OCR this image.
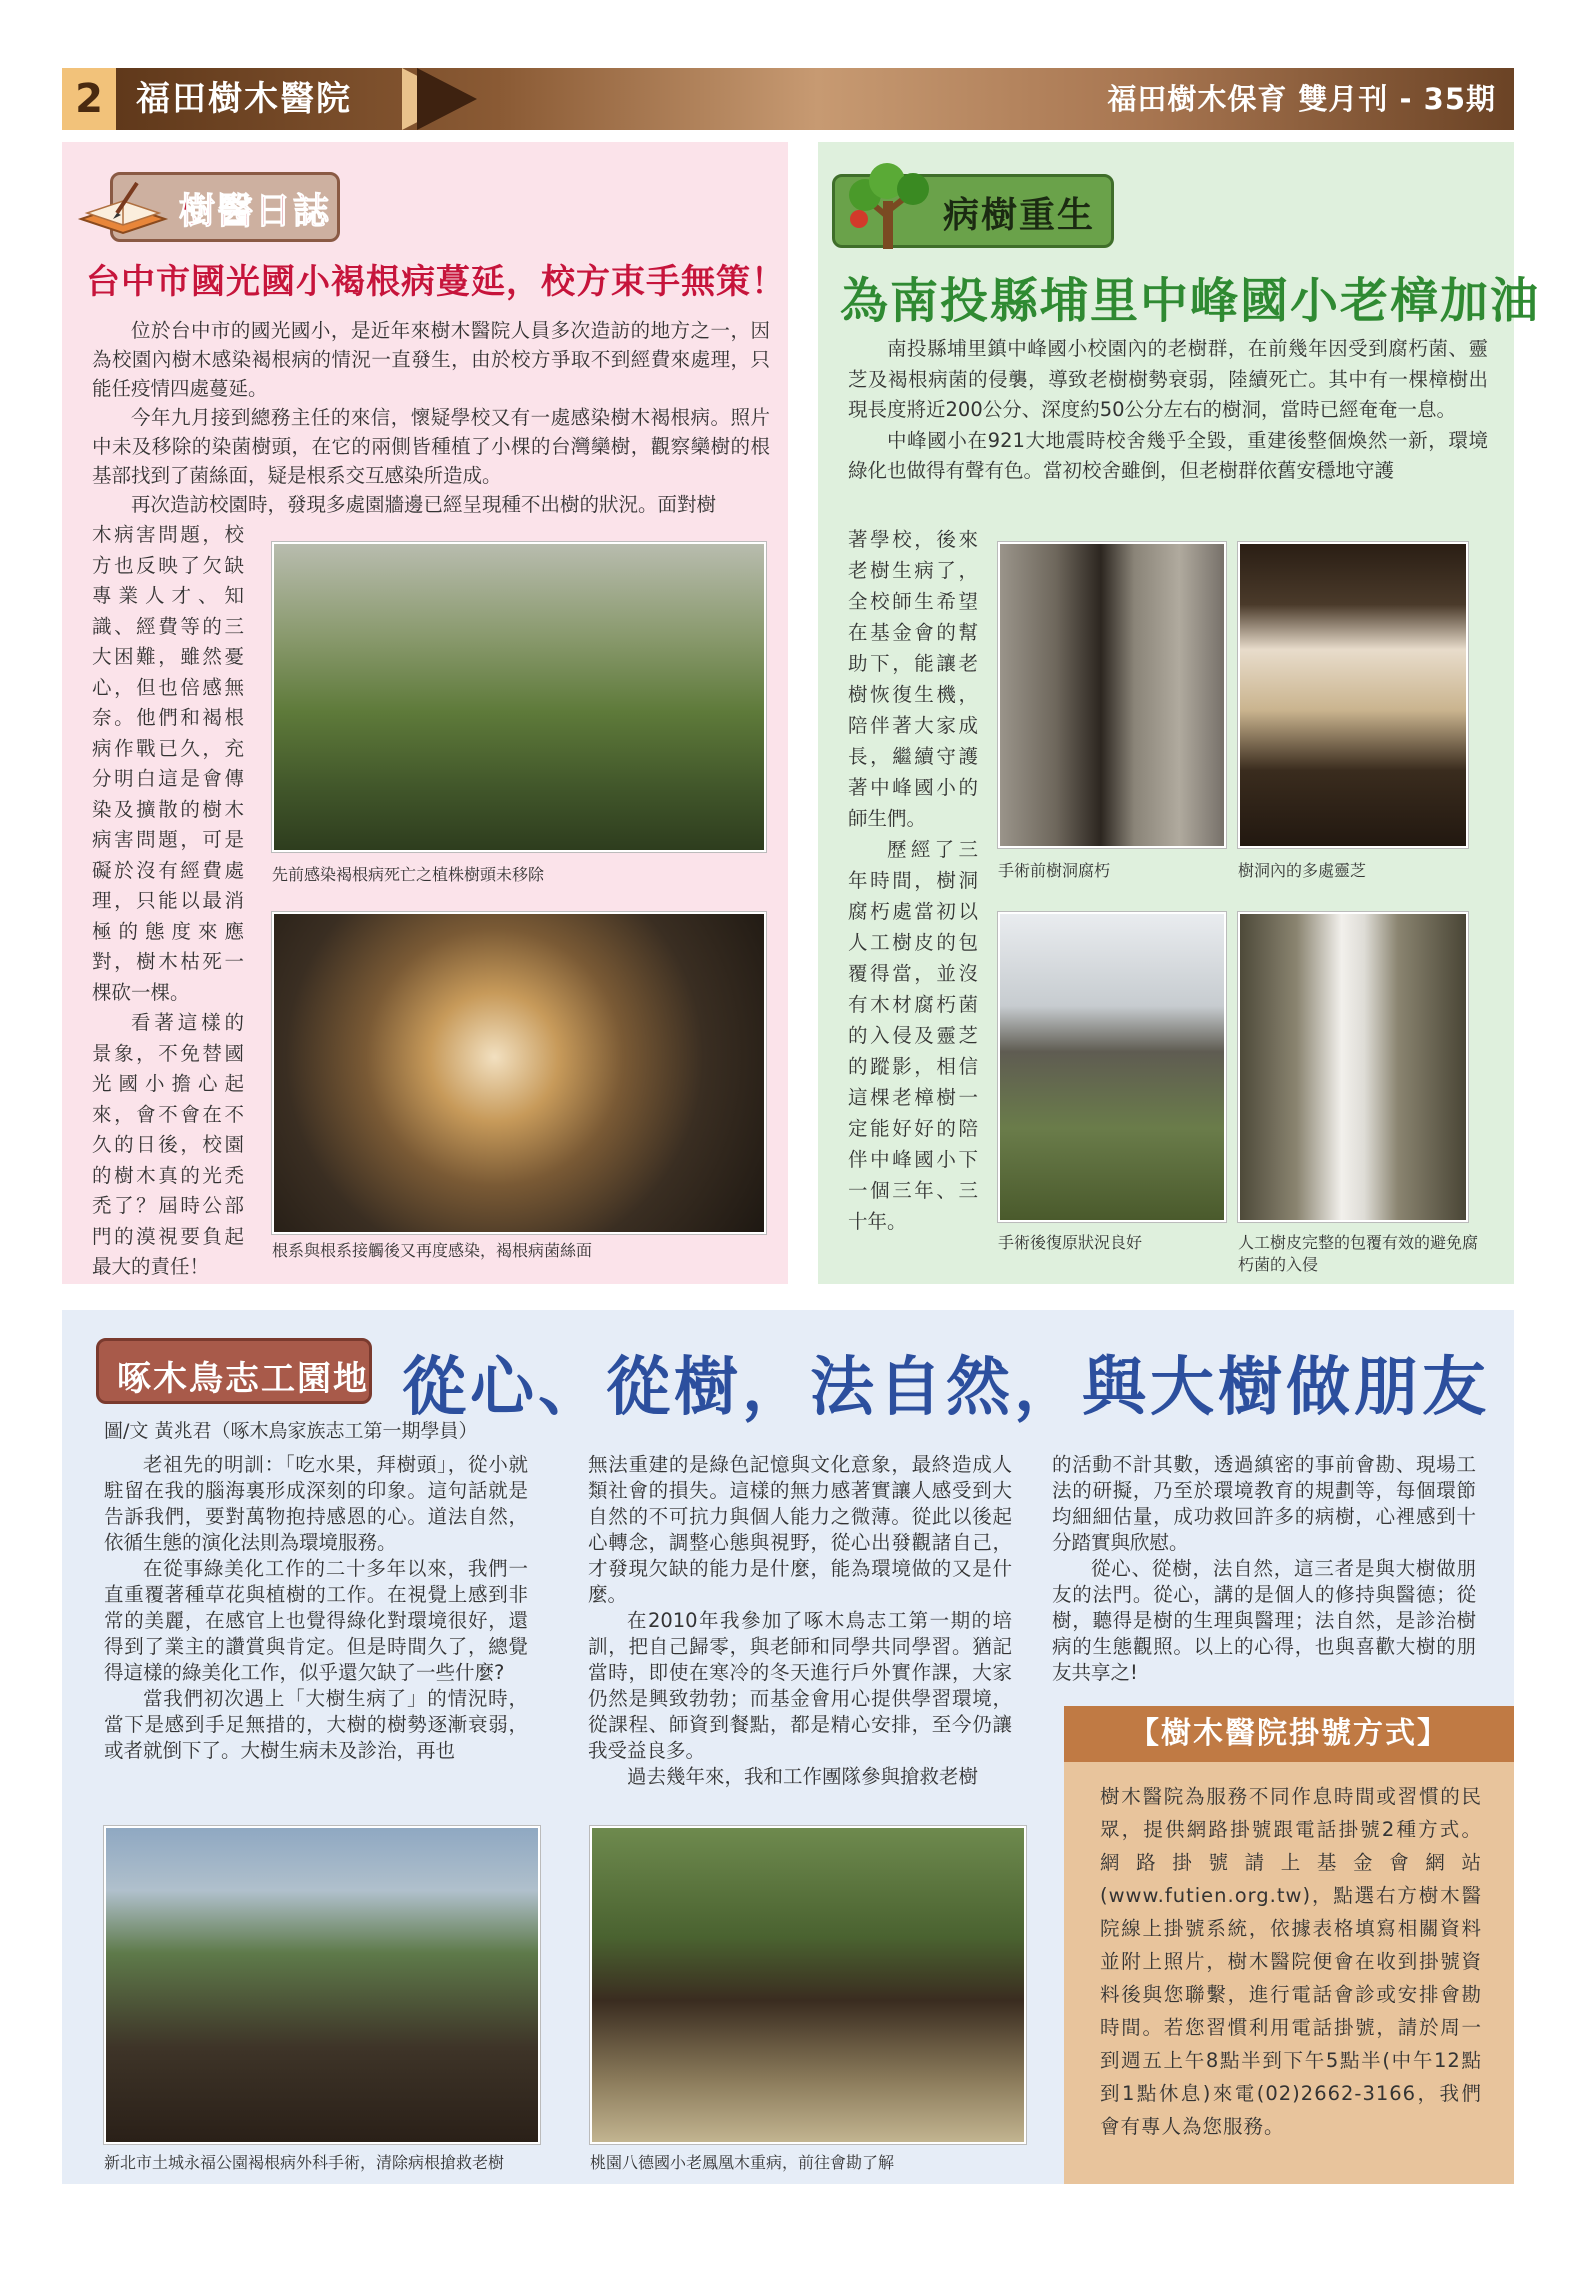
2 福田樹木醫院	福田樹木保育 雙月刊 - 35期
樹醫日誌
台中市國光國小褐根病蔓延，校方束手無策！

位於台中市的國光國小，是近年來樹木醫院人員多次造訪的地方之一，因為校園內樹木感染褐根病的情況一直發生，由於校方爭取不到經費來處理，只能任疫情四處蔓延。

今年九月接到總務主任的來信，懷疑學校又有一處感染樹木褐根病。照片中未及移除的染菌樹頭，在它的兩側皆種植了小棵的台灣欒樹，觀察欒樹的根基部找到了菌絲面，疑是根系交互感染所造成。

再次造訪校園時，發現多處園牆邊已經呈現種不出樹的狀況。面對樹

木病害問題，校方也反映了欠缺專業人才、知識、經費等的三大困難，雖然憂心，但也倍感無奈。他們和褐根病作戰已久，充分明白這是會傳染及擴散的樹木病害問題，可是礙於沒有經費處理，只能以最消極的態度來應對，樹木枯死一棵砍一棵。

看著這樣的景象，不免替國光國小擔心起來，會不會在不久的日後，校園的樹木真的光禿禿了？屆時公部門的漠視要負起最大的責任！

先前感染褐根病死亡之植株樹頭未移除
根系與根系接觸後又再度感染，褐根病菌絲面
病樹重生
為南投縣埔里中峰國小老樟加油

南投縣埔里鎮中峰國小校園內的老樹群，在前幾年因受到腐朽菌、靈芝及褐根病菌的侵襲，導致老樹樹勢衰弱，陸續死亡。其中有一棵樟樹出現長度將近200公分、深度約50公分左右的樹洞，當時已經奄奄一息。

中峰國小在921大地震時校舍幾乎全毀，重建後整個煥然一新，環境綠化也做得有聲有色。當初校舍雖倒，但老樹群依舊安穩地守護

著學校，後來老樹生病了，全校師生希望在基金會的幫助下，能讓老樹恢復生機，陪伴著大家成長，繼續守護著中峰國小的師生們。

歷經了三年時間，樹洞腐朽處當初以人工樹皮的包覆得當，並沒有木材腐朽菌的入侵及靈芝的蹤影，相信這棵老樟樹一定能好好的陪伴中峰國小下一個三年、三十年。

手術前樹洞腐朽	樹洞內的多處靈芝
手術後復原狀況良好	人工樹皮完整的包覆有效的避免腐朽菌的入侵
啄木鳥志工園地 從心、從樹，法自然，與大樹做朋友
圖/文 黃兆君（啄木鳥家族志工第一期學員）

老祖先的明訓：「吃水果，拜樹頭」，從小就駐留在我的腦海裏形成深刻的印象。這句話就是告訴我們，要對萬物抱持感恩的心。道法自然，依循生態的演化法則為環境服務。

在從事綠美化工作的二十多年以來，我們一直重覆著種草花與植樹的工作。在視覺上感到非常的美麗，在感官上也覺得綠化對環境很好，還得到了業主的讚賞與肯定。但是時間久了，總覺得這樣的綠美化工作，似乎還欠缺了一些什麼?

當我們初次遇上「大樹生病了」的情況時，當下是感到手足無措的，大樹的樹勢逐漸衰弱，或者就倒下了。大樹生病未及診治，再也

無法重建的是綠色記憶與文化意象，最終造成人類社會的損失。這樣的無力感著實讓人感受到大自然的不可抗力與個人能力之微薄。從此以後起心轉念，調整心態與視野，從心出發觀諸自己，才發現欠缺的能力是什麼，能為環境做的又是什麼。

在2010年我參加了啄木鳥志工第一期的培訓，把自己歸零，與老師和同學共同學習。猶記當時，即使在寒冷的冬天進行戶外實作課，大家仍然是興致勃勃；而基金會用心提供學習環境，從課程、師資到餐點，都是精心安排，至今仍讓我受益良多。

過去幾年來，我和工作團隊參與搶救老樹

的活動不計其數，透過縝密的事前會勘、現場工法的研擬，乃至於環境教育的規劃等，每個環節均細細估量，成功救回許多的病樹，心裡感到十分踏實與欣慰。

從心、從樹，法自然，這三者是與大樹做朋友的法門。從心，講的是個人的修持與醫德；從樹，聽得是樹的生理與醫理；法自然，是診治樹病的生態觀照。以上的心得，也與喜歡大樹的朋友共享之!

新北市土城永福公園褐根病外科手術，清除病根搶救老樹	桃園八德國小老鳳凰木重病，前往會勘了解
【樹木醫院掛號方式】
樹木醫院為服務不同作息時間或習慣的民眾，提供網路掛號跟電話掛號2種方式。網路掛號請上基金會網站(www.futien.org.tw)，點選右方樹木醫院線上掛號系統，依據表格填寫相關資料並附上照片，樹木醫院便會在收到掛號資料後與您聯繫，進行電話會診或安排會勘時間。若您習慣利用電話掛號，請於周一到週五上午8點半到下午5點半(中午12點到1點休息)來電(02)2662-3166，我們會有專人為您服務。
